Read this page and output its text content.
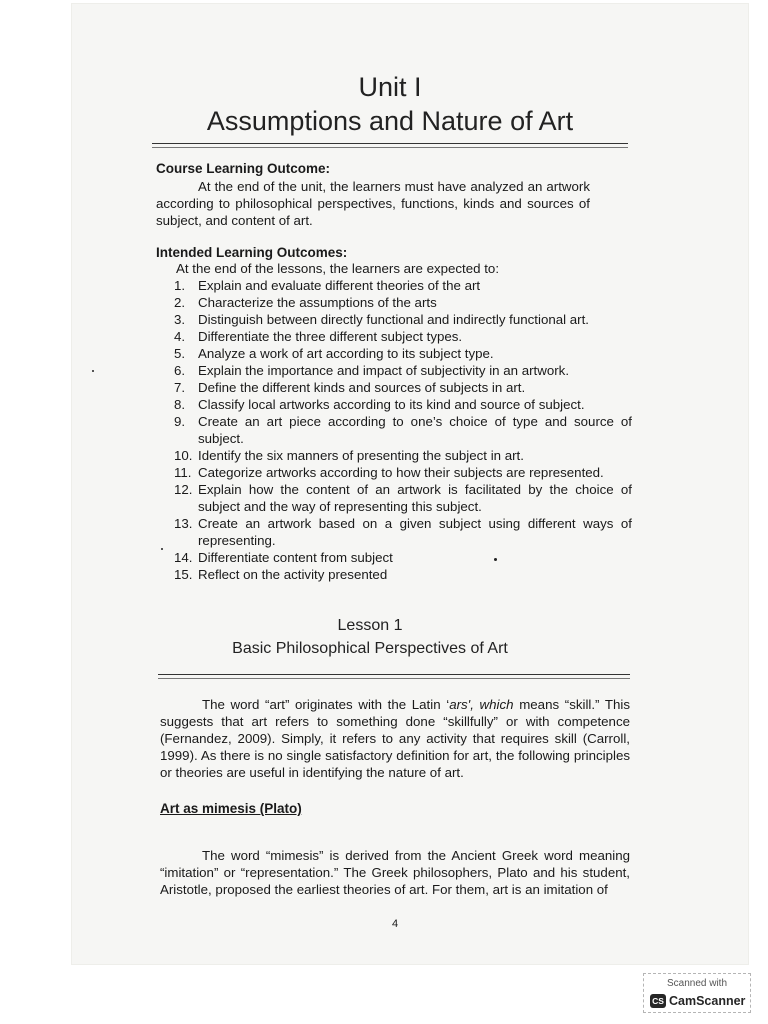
Unit I
Assumptions and Nature of Art
Course Learning Outcome:
At the end of the unit, the learners must have analyzed an artwork according to philosophical perspectives, functions, kinds and sources of subject, and content of art.
Intended Learning Outcomes:
At the end of the lessons, the learners are expected to:
1. Explain and evaluate different theories of the art
2. Characterize the assumptions of the arts
3. Distinguish between directly functional and indirectly functional art.
4. Differentiate the three different subject types.
5. Analyze a work of art according to its subject type.
6. Explain the importance and impact of subjectivity in an artwork.
7. Define the different kinds and sources of subjects in art.
8. Classify local artworks according to its kind and source of subject.
9. Create an art piece according to one’s choice of type and source of subject.
10. Identify the six manners of presenting the subject in art.
11. Categorize artworks according to how their subjects are represented.
12. Explain how the content of an artwork is facilitated by the choice of subject and the way of representing this subject.
13. Create an artwork based on a given subject using different ways of representing.
14. Differentiate content from subject
15. Reflect on the activity presented
Lesson 1
Basic Philosophical Perspectives of Art
The word “art” originates with the Latin ‘ars', which means “skill.” This suggests that art refers to something done “skillfully” or with competence (Fernandez, 2009). Simply, it refers to any activity that requires skill (Carroll, 1999). As there is no single satisfactory definition for art, the following principles or theories are useful in identifying the nature of art.
Art as mimesis (Plato)
The word “mimesis” is derived from the Ancient Greek word meaning “imitation” or “representation.” The Greek philosophers, Plato and his student, Aristotle, proposed the earliest theories of art. For them, art is an imitation of
4
Scanned with
CS CamScanner
